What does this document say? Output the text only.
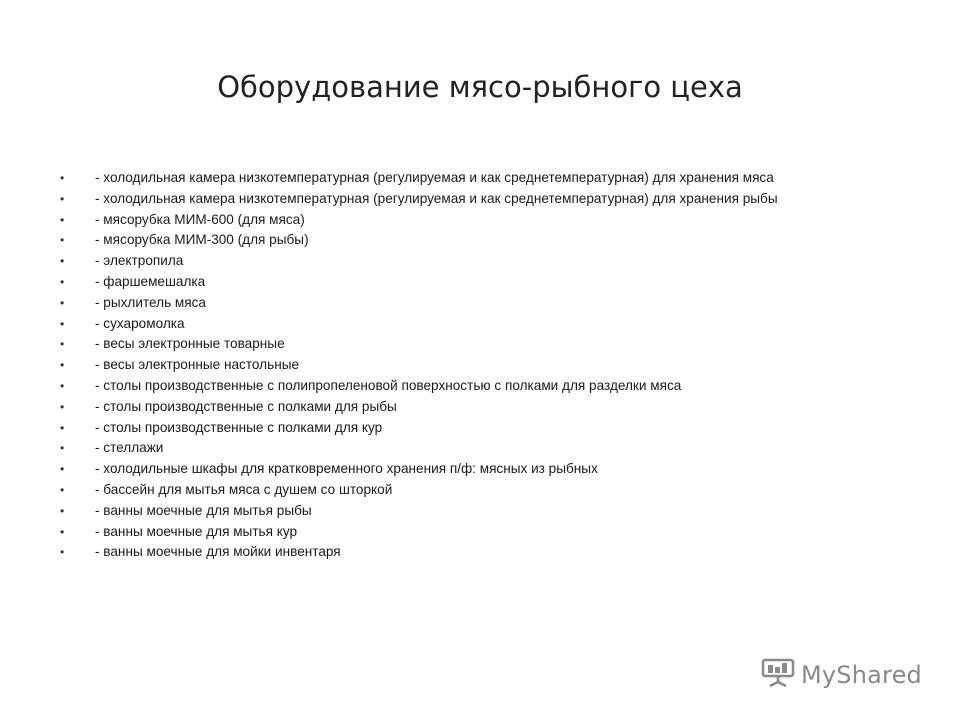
Оборудование мясо-рыбного цеха
•	- холодильная камера низкотемпературная (регулируемая и как среднетемпературная) для хранения мяса
•	- холодильная камера низкотемпературная (регулируемая и как среднетемпературная) для хранения рыбы
•	- мясорубка МИМ-600 (для мяса)
•	- мясорубка МИМ-300 (для рыбы)
•	- электропила
•	- фаршемешалка
•	- рыхлитель мяса
•	- сухаромолка
•	- весы электронные товарные
•	- весы электронные настольные
•	- столы производственные с полипропеленовой поверхностью с полками для разделки мяса
•	- столы производственные с полками для рыбы
•	- столы производственные с полками для кур
•	- стеллажи
•	- холодильные шкафы для кратковременного хранения п/ф: мясных из рыбных
•	- бассейн для мытья мяса с душем со шторкой
•	- ванны моечные для мытья рыбы
•	- ванны моечные для мытья кур
•	- ванны моечные для мойки инвентаря
MyShared
